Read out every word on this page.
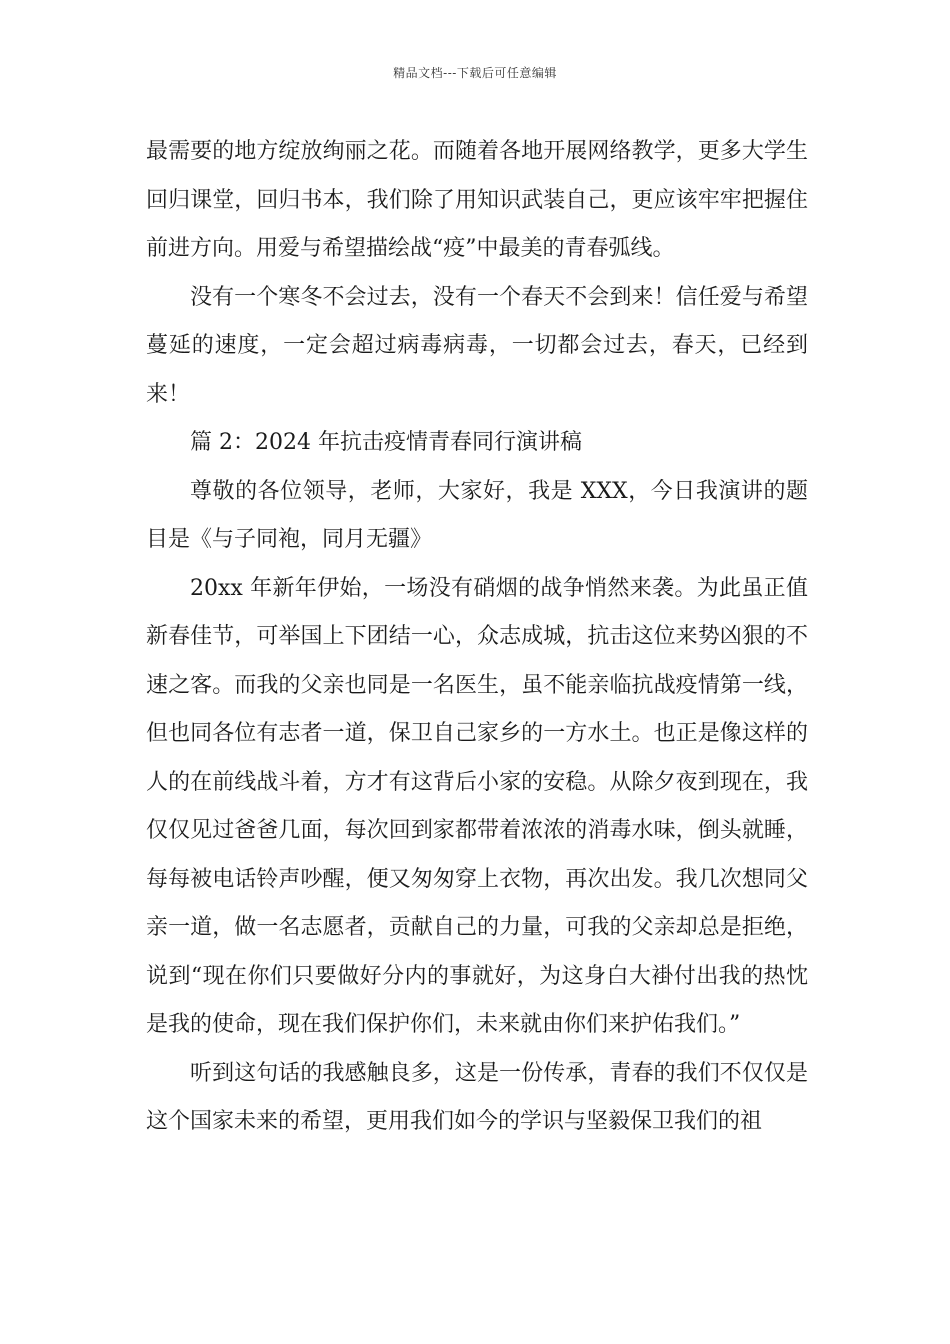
精品文档---下载后可任意编辑

最需要的地方绽放绚丽之花。而随着各地开展网络教学，更多大学生回归课堂，回归书本，我们除了用知识武装自己，更应该牢牢把握住前进方向。用爱与希望描绘战“疫”中最美的青春弧线。

没有一个寒冬不会过去，没有一个春天不会到来！信任爱与希望蔓延的速度，一定会超过病毒病毒，一切都会过去，春天，已经到来！

篇 2：2024 年抗击疫情青春同行演讲稿

尊敬的各位领导，老师，大家好，我是 XXX，今日我演讲的题目是《与子同袍，同月无疆》

20xx 年新年伊始，一场没有硝烟的战争悄然来袭。为此虽正值新春佳节，可举国上下团结一心，众志成城，抗击这位来势凶狠的不速之客。而我的父亲也同是一名医生，虽不能亲临抗战疫情第一线，但也同各位有志者一道，保卫自己家乡的一方水土。也正是像这样的人的在前线战斗着，方才有这背后小家的安稳。从除夕夜到现在，我仅仅见过爸爸几面，每次回到家都带着浓浓的消毒水味，倒头就睡，每每被电话铃声吵醒，便又匆匆穿上衣物，再次出发。我几次想同父亲一道，做一名志愿者，贡献自己的力量，可我的父亲却总是拒绝，说到“现在你们只要做好分内的事就好，为这身白大褂付出我的热忱是我的使命，现在我们保护你们，未来就由你们来护佑我们。”

听到这句话的我感触良多，这是一份传承，青春的我们不仅仅是这个国家未来的希望，更用我们如今的学识与坚毅保卫我们的祖
